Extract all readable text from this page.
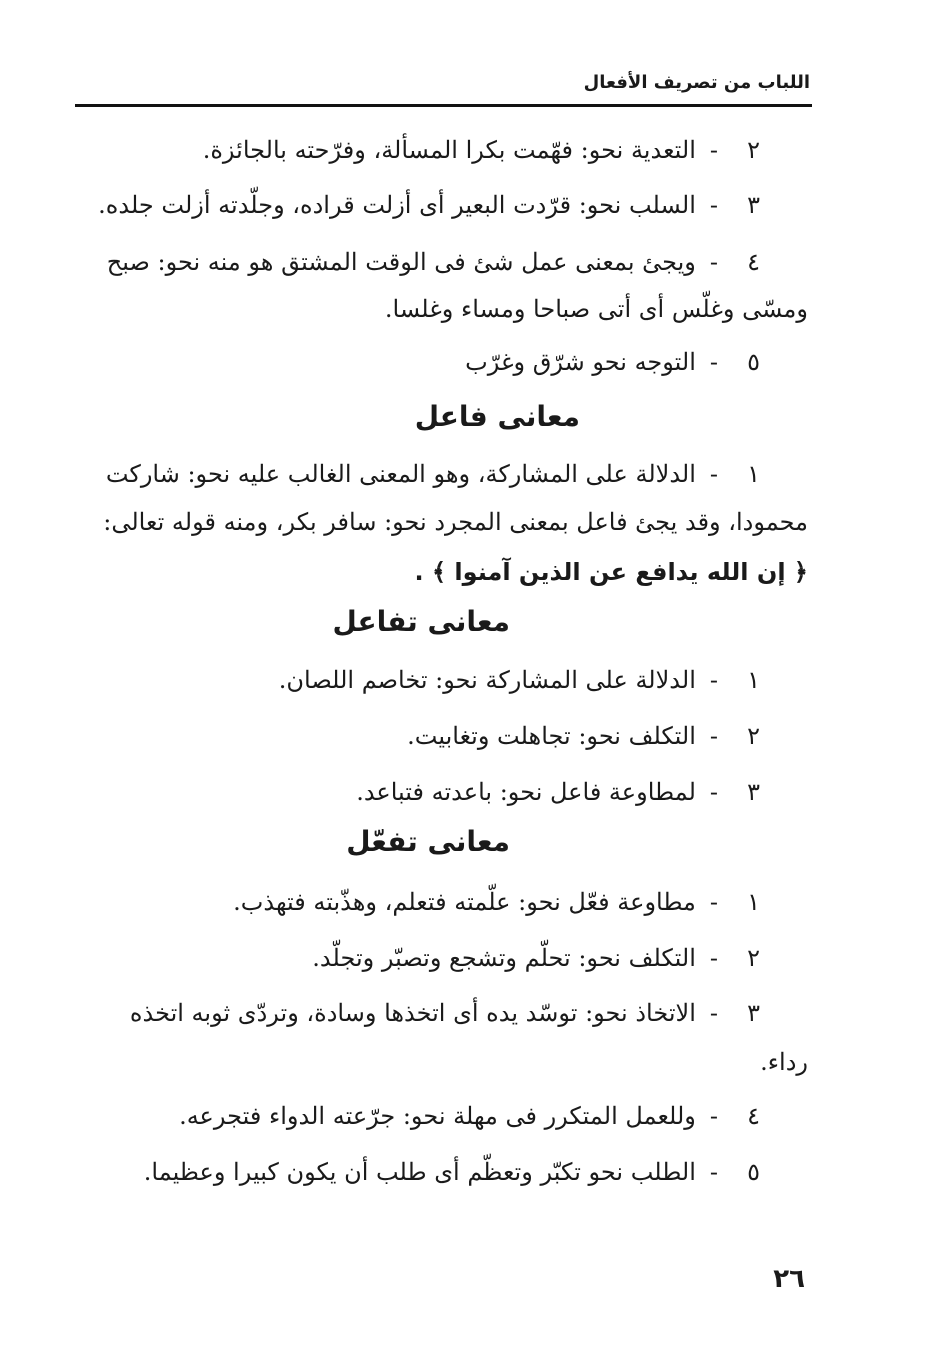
اللباب من تصريف الأفعال
٢-التعدية نحو: فهّمت بكرا المسألة، وفرّحته بالجائزة.
٣-السلب نحو: قرّدت البعير أى أزلت قراده، وجلّدته أزلت جلده.
٤-ويجئ بمعنى عمل شئ فى الوقت المشتق هو منه نحو: صبح
ومسّى وغلّس أى أتى صباحا ومساء وغلسا.
٥-التوجه نحو شرّق وغرّب
معانى فاعل
١-الدلالة على المشاركة، وهو المعنى الغالب عليه نحو: شاركت
محمودا، وقد يجئ فاعل بمعنى المجرد نحو: سافر بكر، ومنه قوله تعالى:
﴿ إن الله يدافع عن الذين آمنوا ﴾ .
معانى تفاعل
١-الدلالة على المشاركة نحو: تخاصم اللصان.
٢-التكلف نحو: تجاهلت وتغابيت.
٣-لمطاوعة فاعل نحو: باعدته فتباعد.
معانى تفعّل
١-مطاوعة فعّل نحو: علّمته فتعلم، وهذّبته فتهذب.
٢-التكلف نحو: تحلّم وتشجع وتصبّر وتجلّد.
٣-الاتخاذ نحو: توسّد يده أى اتخذها وسادة، وتردّى ثوبه اتخذه
رداء.
٤-وللعمل المتكرر فى مهلة نحو: جرّعته الدواء فتجرعه.
٥-الطلب نحو تكبّر وتعظّم أى طلب أن يكون كبيرا وعظيما.
٢٦
